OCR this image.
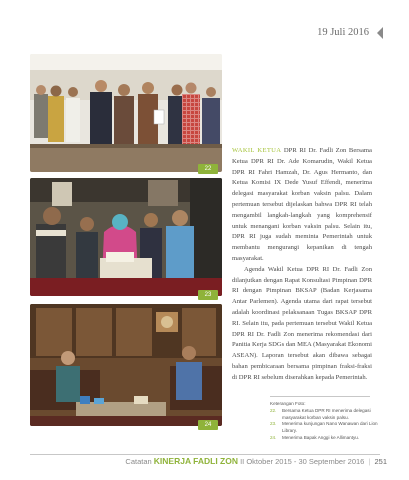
19 Juli 2016
22
23
24

WAKIL KETUA DPR RI Dr. Fadli Zon Bersama Ketua DPR RI Dr. Ade Komarudin, Wakil Ketua DPR RI Fahri Hamzah, Dr. Agus Hermanto, dan Ketua Komisi IX Dede Yusuf Effendi, menerima delegasi masyarakat korban vaksin palsu. Dalam pertemuan tersebut dijelaskan bahwa DPR RI telah mengambil langkah-langkah yang komprehensif untuk menangani korban vaksin palsu. Selain itu, DPR RI juga sudah meminta Pemerintah untuk membantu mengurangi kepanikan di tengah masyarakat.

Agenda Wakil Ketua DPR RI Dr. Fadli Zon dilanjutkan dengan Rapat Konsultasi Pimpinan DPR RI dengan Pimpinan BKSAP (Badan Kerjasama Antar Parlemen). Agenda utama dari rapat tersebut adalah koordinasi pelaksanaan Tugas BKSAP DPR RI. Selain itu, pada pertemuan tersebut Wakil Ketua DPR RI Dr. Fadli Zon menerima rekomendasi dari Panitia Kerja SDGs dan MEA (Masyarakat Ekonomi ASEAN). Laporan tersebut akan dibawa sebagai bahan pembicaraan bersama pimpinan fraksi-fraksi di DPR RI sebelum diserahkan kepada Pemerintah.

Keterangan Foto:
22.	Bersama Ketua DPR RI menerima delegasi masyarakat korban vaksin palsu.
23.	Menerima kunjungan Nano Wanawan dari Lion Library.
24.	Menerima Bapak Anggi ke Allimantyu.
Catatan KINERJA FADLI ZON II Oktober 2015 - 30 September 2016 | 251
